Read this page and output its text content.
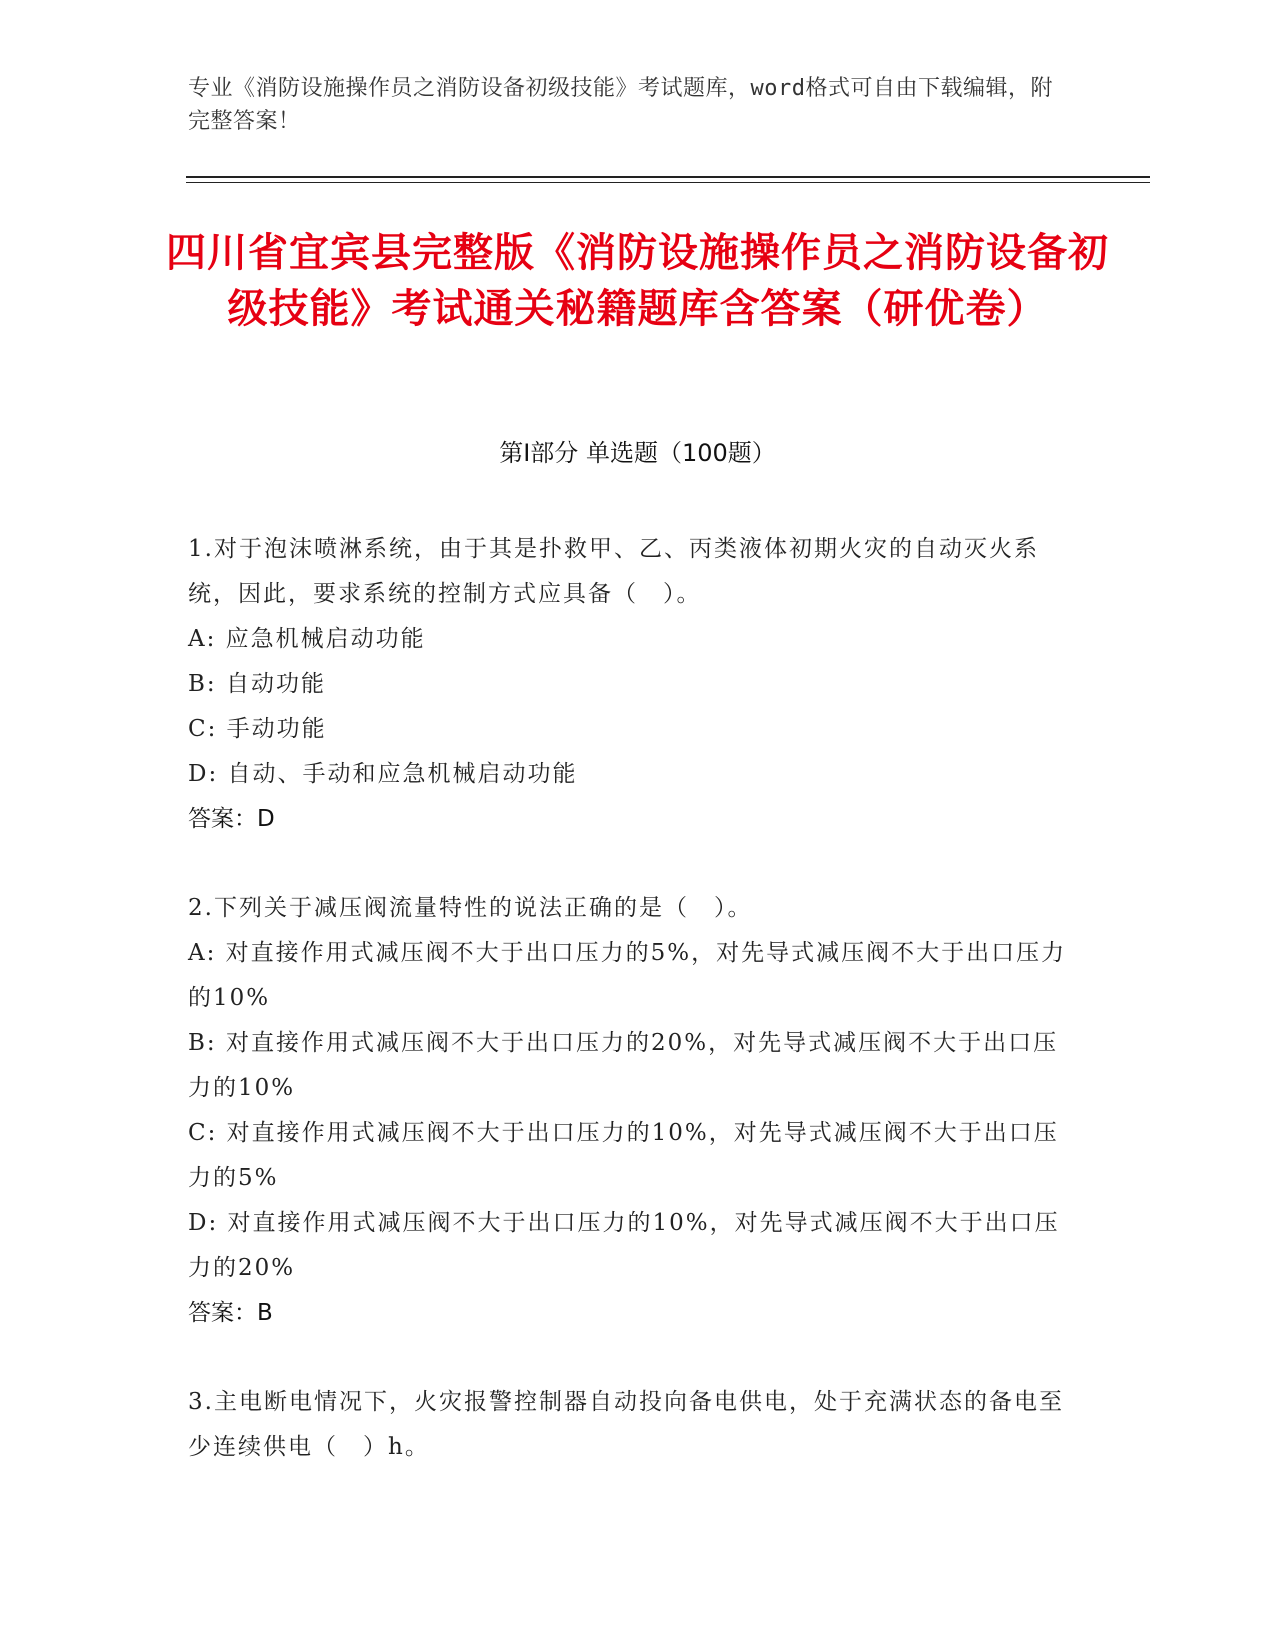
专业《消防设施操作员之消防设备初级技能》考试题库，word格式可自由下载编辑，附完整答案！
四川省宜宾县完整版《消防设施操作员之消防设备初级技能》考试通关秘籍题库含答案（研优卷）
第Ⅰ部分 单选题（100题）
1.对于泡沫喷淋系统，由于其是扑救甲、乙、丙类液体初期火灾的自动灭火系统，因此，要求系统的控制方式应具备（　）。
A: 应急机械启动功能
B: 自动功能
C: 手动功能
D: 自动、手动和应急机械启动功能
答案：D
2.下列关于减压阀流量特性的说法正确的是（　）。
A: 对直接作用式减压阀不大于出口压力的5%，对先导式减压阀不大于出口压力的10%
B: 对直接作用式减压阀不大于出口压力的20%，对先导式减压阀不大于出口压力的10%
C: 对直接作用式减压阀不大于出口压力的10%，对先导式减压阀不大于出口压力的5%
D: 对直接作用式减压阀不大于出口压力的10%，对先导式减压阀不大于出口压力的20%
答案：B
3.主电断电情况下，火灾报警控制器自动投向备电供电，处于充满状态的备电至少连续供电（　）h。
